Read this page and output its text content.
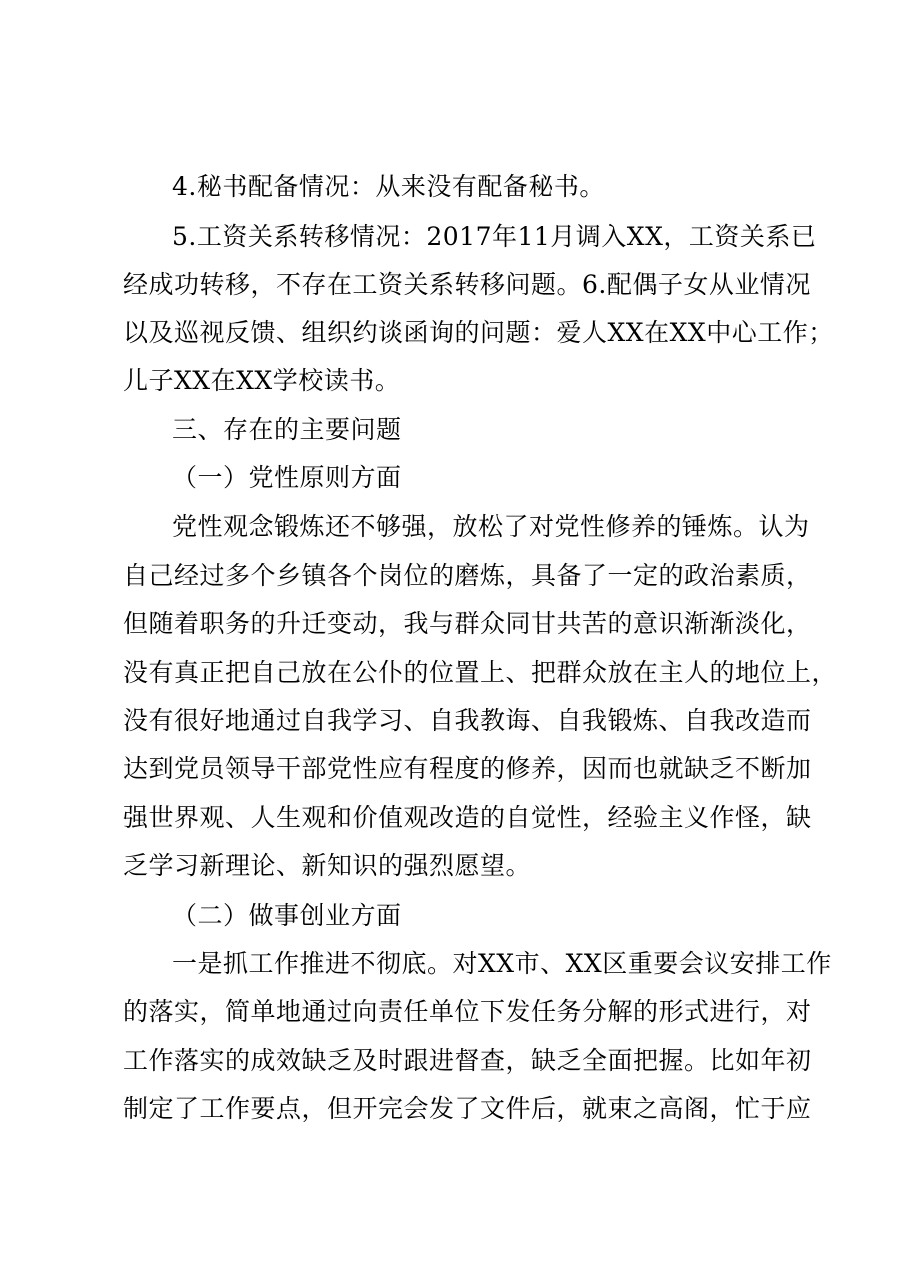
4.秘书配备情况：从来没有配备秘书。
5.工资关系转移情况：2017年11月调入XX，工资关系已
经成功转移，不存在工资关系转移问题。6.配偶子女从业情况
以及巡视反馈、组织约谈函询的问题：爱人XX在XX中心工作；
儿子XX在XX学校读书。
三、存在的主要问题
（一）党性原则方面
党性观念锻炼还不够强，放松了对党性修养的锤炼。认为
自己经过多个乡镇各个岗位的磨炼，具备了一定的政治素质，
但随着职务的升迁变动，我与群众同甘共苦的意识渐渐淡化，
没有真正把自己放在公仆的位置上、把群众放在主人的地位上，
没有很好地通过自我学习、自我教诲、自我锻炼、自我改造而
达到党员领导干部党性应有程度的修养，因而也就缺乏不断加
强世界观、人生观和价值观改造的自觉性，经验主义作怪，缺
乏学习新理论、新知识的强烈愿望。
（二）做事创业方面
一是抓工作推进不彻底。对XX市、XX区重要会议安排工作
的落实，简单地通过向责任单位下发任务分解的形式进行，对
工作落实的成效缺乏及时跟进督查，缺乏全面把握。比如年初
制定了工作要点，但开完会发了文件后，就束之高阁，忙于应
